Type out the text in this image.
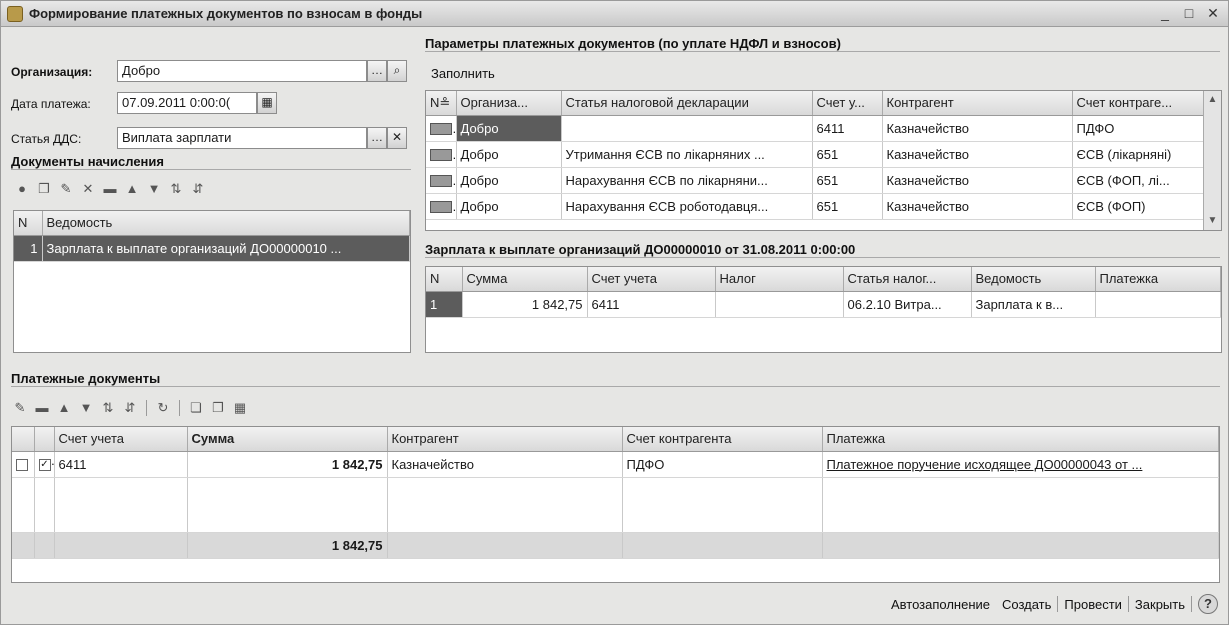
Формирование платежных документов по взносам в фонды	_	□ ✕
Организация:	Добро	… ⌕
Дата платежа:	07.09.2011 0:00:0(	▦
Статья ДДС:	Виплата зарплати	… ✕
Документы начисления
● ❐ ✎ ✕ ▬ ▲ ▼ ⇅ ⇵
N	Ведомость
1	Зарплата к выплате организаций ДО00000010 ...
Параметры платежных документов (по уплате НДФЛ и взносов)
Заполнить
N≗	Организа...	Статья налоговой декларации	Счет у...	Контрагент	Счет контраге...
	Добро		6411	Казначейство	ПДФО
	Добро	Утримання ЄСВ по лікарняних ...	651	Казначейство	ЄСВ (лікарняні)
	Добро	Нарахування ЄСВ по лікарняни...	651	Казначейство	ЄСВ (ФОП, лі...
	Добро	Нарахування ЄСВ роботодавця...	651	Казначейство	ЄСВ (ФОП)
▲
▼
Зарплата к выплате организаций ДО00000010 от 31.08.2011 0:00:00
N	Сумма	Счет учета	Налог	Статья налог...	Ведомость	Платежка
1	1 842,75	6411		06.2.10 Витра...	Зарплата к в...	
Платежные документы
✎ ▬ ▲ ▼ ⇅ ⇵ ↻ ❏ ❐ ▦
		Счет учета	Сумма	Контрагент	Счет контрагента	Платежка
	✓	6411	1 842,75	Казначейство	ПДФО	Платежное поручение исходящее ДО00000043 от ...

			1 842,75			
Автозаполнение Создать	Провести	Закрыть	?
